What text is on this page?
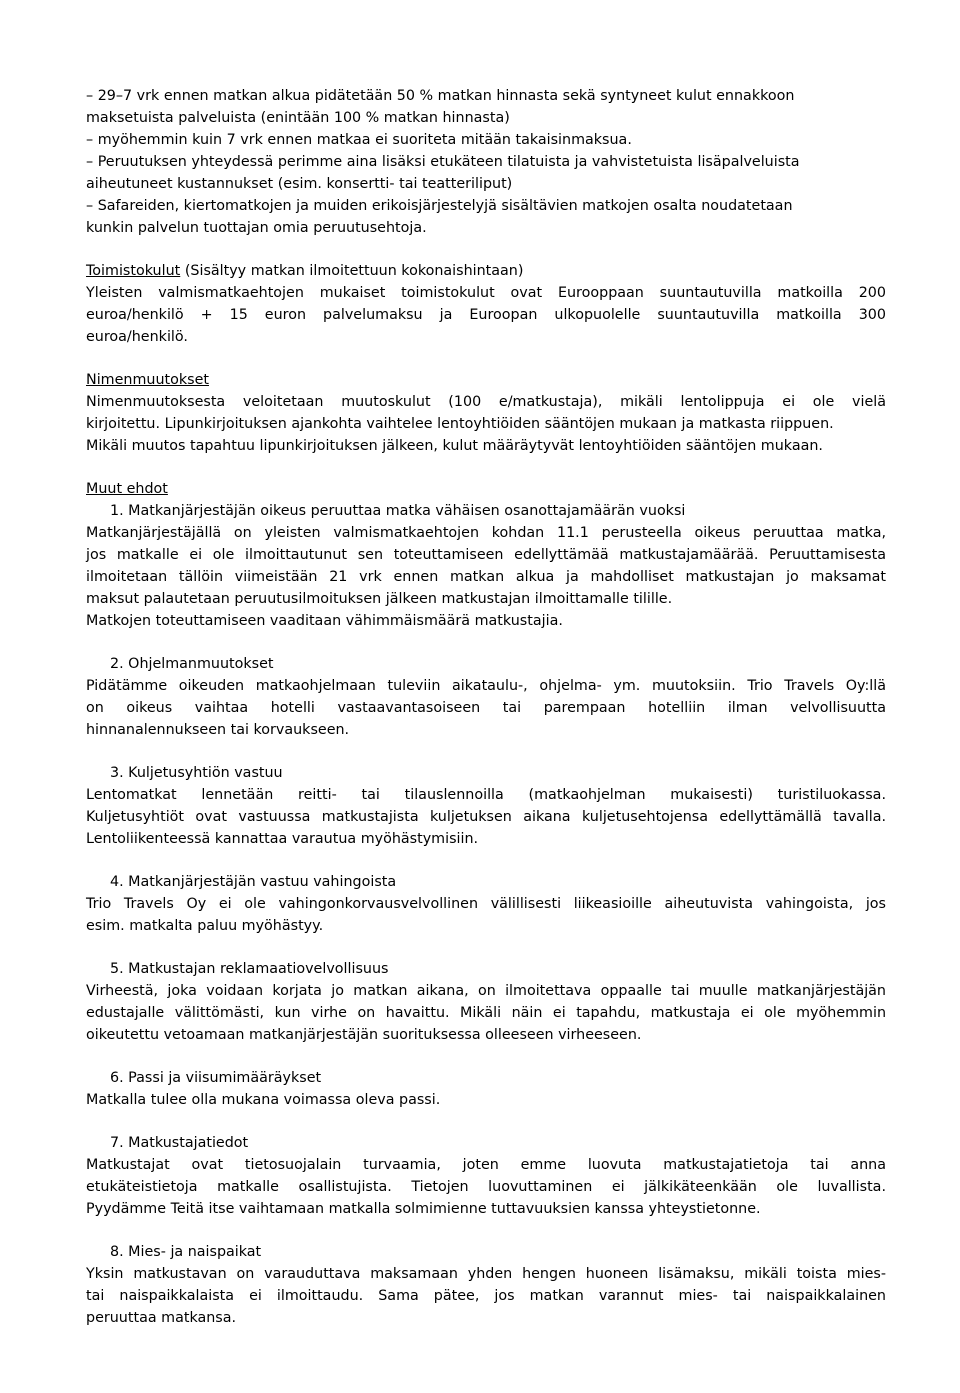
– 29–7 vrk ennen matkan alkua pidätetään 50 % matkan hinnasta sekä syntyneet kulut ennakkoon
maksetuista palveluista (enintään 100 % matkan hinnasta)
– myöhemmin kuin 7 vrk ennen matkaa ei suoriteta mitään takaisinmaksua.
– Peruutuksen yhteydessä perimme aina lisäksi etukäteen tilatuista ja vahvistetuista lisäpalveluista
aiheutuneet kustannukset (esim. konsertti- tai teatteriliput)
– Safareiden, kiertomatkojen ja muiden erikoisjärjestelyjä sisältävien matkojen osalta noudatetaan
kunkin palvelun tuottajan omia peruutusehtoja.
Toimistokulut (Sisältyy matkan ilmoitettuun kokonaishintaan)
Yleisten valmismatkaehtojen mukaiset toimistokulut ovat Eurooppaan suuntautuvilla matkoilla 200
euroa/henkilö + 15 euron palvelumaksu ja Euroopan ulkopuolelle suuntautuvilla matkoilla 300
euroa/henkilö.
Nimenmuutokset
Nimenmuutoksesta veloitetaan muutoskulut (100 e/matkustaja), mikäli lentolippuja ei ole vielä
kirjoitettu. Lipunkirjoituksen ajankohta vaihtelee lentoyhtiöiden sääntöjen mukaan ja matkasta riippuen.
Mikäli muutos tapahtuu lipunkirjoituksen jälkeen, kulut määräytyvät lentoyhtiöiden sääntöjen mukaan.
Muut ehdot
1. Matkanjärjestäjän oikeus peruuttaa matka vähäisen osanottajamäärän vuoksi
Matkanjärjestäjällä on yleisten valmismatkaehtojen kohdan 11.1 perusteella oikeus peruuttaa matka,
jos matkalle ei ole ilmoittautunut sen toteuttamiseen edellyttämää matkustajamäärää. Peruuttamisesta
ilmoitetaan tällöin viimeistään 21 vrk ennen matkan alkua ja mahdolliset matkustajan jo maksamat
maksut palautetaan peruutusilmoituksen jälkeen matkustajan ilmoittamalle tilille.
Matkojen toteuttamiseen vaaditaan vähimmäismäärä matkustajia.
2. Ohjelmanmuutokset
Pidätämme oikeuden matkaohjelmaan tuleviin aikataulu-, ohjelma- ym. muutoksiin. Trio Travels Oy:llä
on oikeus vaihtaa hotelli vastaavantasoiseen tai parempaan hotelliin ilman velvollisuutta
hinnanalennukseen tai korvaukseen.
3. Kuljetusyhtiön vastuu
Lentomatkat lennetään reitti- tai tilauslennoilla (matkaohjelman mukaisesti) turistiluokassa.
Kuljetusyhtiöt ovat vastuussa matkustajista kuljetuksen aikana kuljetusehtojensa edellyttämällä tavalla.
Lentoliikenteessä kannattaa varautua myöhästymisiin.
4. Matkanjärjestäjän vastuu vahingoista
Trio Travels Oy ei ole vahingonkorvausvelvollinen välillisesti liikeasioille aiheutuvista vahingoista, jos
esim. matkalta paluu myöhästyy.
5. Matkustajan reklamaatiovelvollisuus
Virheestä, joka voidaan korjata jo matkan aikana, on ilmoitettava oppaalle tai muulle matkanjärjestäjän
edustajalle välittömästi, kun virhe on havaittu. Mikäli näin ei tapahdu, matkustaja ei ole myöhemmin
oikeutettu vetoamaan matkanjärjestäjän suorituksessa olleeseen virheeseen.
6. Passi ja viisumimääräykset
Matkalla tulee olla mukana voimassa oleva passi.
7. Matkustajatiedot
Matkustajat ovat tietosuojalain turvaamia, joten emme luovuta matkustajatietoja tai anna
etukäteistietoja matkalle osallistujista. Tietojen luovuttaminen ei jälkikäteenkään ole luvallista.
Pyydämme Teitä itse vaihtamaan matkalla solmimienne tuttavuuksien kanssa yhteystietonne.
8. Mies- ja naispaikat
Yksin matkustavan on varauduttava maksamaan yhden hengen huoneen lisämaksu, mikäli toista mies-
tai naispaikkalaista ei ilmoittaudu. Sama pätee, jos matkan varannut mies- tai naispaikkalainen
peruuttaa matkansa.
